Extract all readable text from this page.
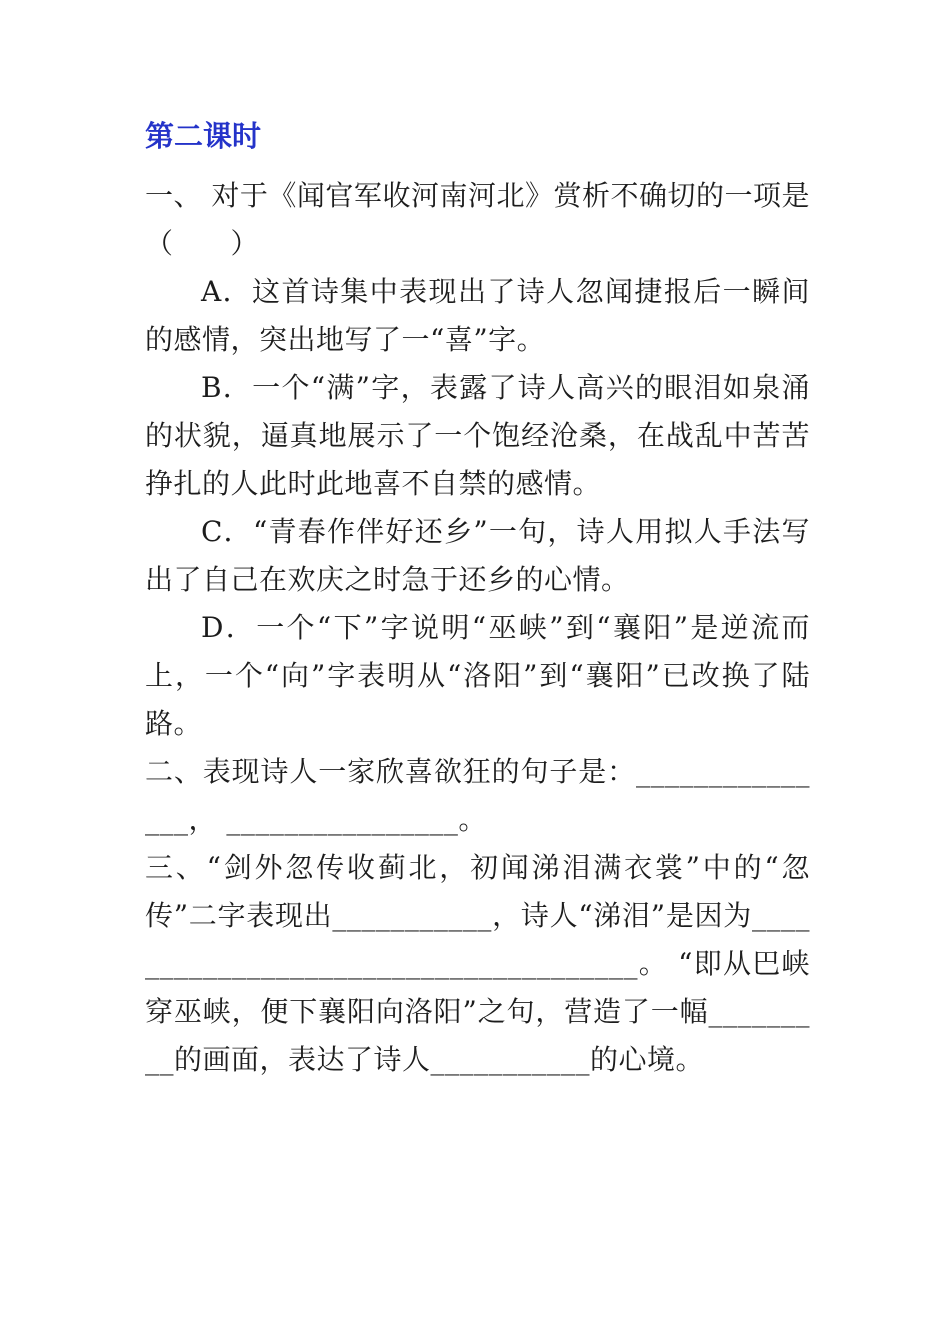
第二课时

一、 对于《闻官军收河南河北》赏析不确切的一项是（　　）

A．这首诗集中表现出了诗人忽闻捷报后一瞬间的感情，突出地写了一“喜”字。

B．一个“满”字，表露了诗人高兴的眼泪如泉涌的状貌，逼真地展示了一个饱经沧桑，在战乱中苦苦挣扎的人此时此地喜不自禁的感情。

C．“青春作伴好还乡”一句，诗人用拟人手法写出了自己在欢庆之时急于还乡的心情。

D．一个“下”字说明“巫峡”到“襄阳”是逆流而上，一个“向”字表明从“洛阳”到“襄阳”已改换了陆路。

二、表现诗人一家欣喜欲狂的句子是：_______________， ________________。

三、“剑外忽传收蓟北，初闻涕泪满衣裳”中的“忽传”二字表现出___________，诗人“涕泪”是因为______________________________________。 “即从巴峡穿巫峡，便下襄阳向洛阳”之句，营造了一幅_________的画面，表达了诗人___________的心境。
